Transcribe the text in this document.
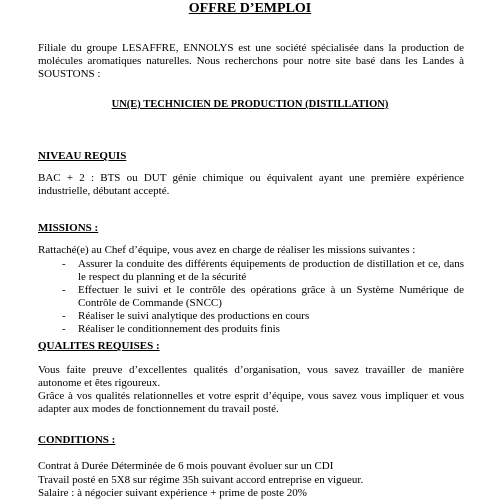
OFFRE D’EMPLOI

Filiale du groupe LESAFFRE, ENNOLYS est une société spécialisée dans la production de molécules aromatiques naturelles. Nous recherchons pour notre site basé dans les Landes à SOUSTONS :

UN(E) TECHNICIEN DE PRODUCTION (DISTILLATION)

NIVEAU REQUIS

BAC + 2 : BTS ou DUT génie chimique ou équivalent ayant une première expérience industrielle, débutant accepté.

MISSIONS :

Rattaché(e) au Chef d’équipe, vous avez en charge de réaliser les missions suivantes :

- Assurer la conduite des différents équipements de production de distillation et ce, dans le respect du planning et de la sécurité
- Effectuer le suivi et le contrôle des opérations grâce à un Système Numérique de Contrôle de Commande (SNCC)
- Réaliser le suivi analytique des productions en cours
- Réaliser le conditionnement des produits finis

QUALITES REQUISES :

Vous faite preuve d’excellentes qualités d’organisation, vous savez travailler de manière autonome et êtes rigoureux.

Grâce à vos qualités relationnelles et votre esprit d’équipe, vous savez vous impliquer et vous adapter aux modes de fonctionnement du travail posté.

CONDITIONS :

Contrat à Durée Déterminée de 6 mois pouvant évoluer sur un CDI

Travail posté en 5X8 sur régime 35h suivant accord entreprise en vigueur.

Salaire : à négocier suivant expérience + prime de poste 20%
